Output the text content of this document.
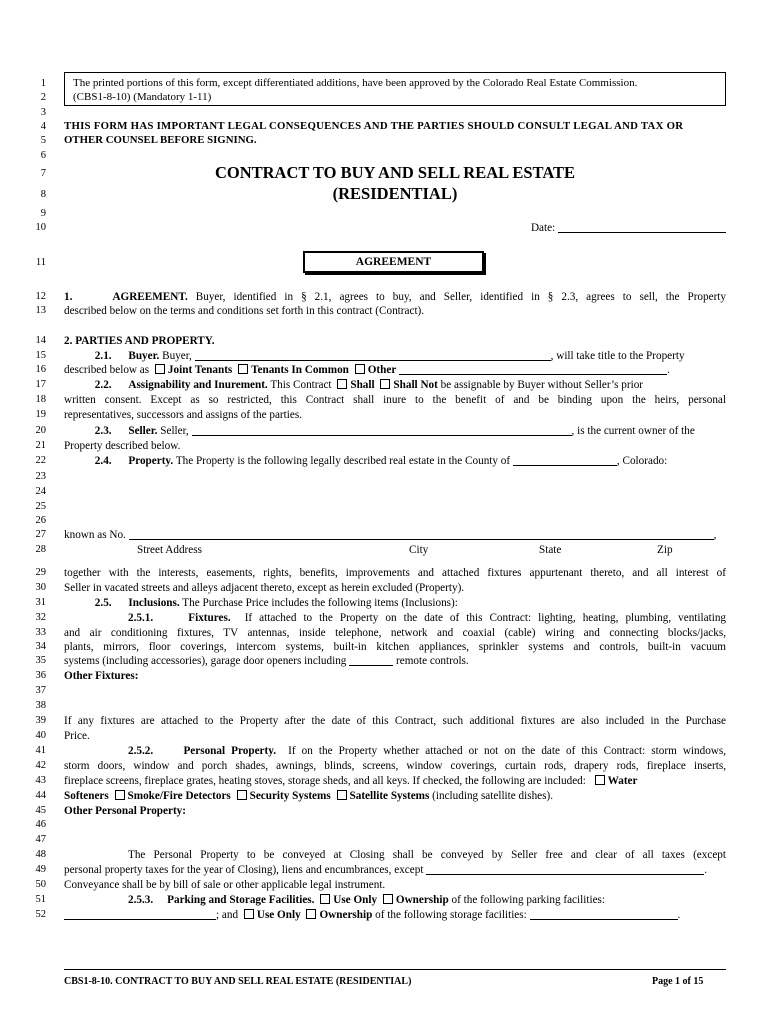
1
2
3
4
5
6
7
8
9
10
11
12
13
14
15
16
17
18
19
20
21
22
23
24
25
26
27
28
29
30
31
32
33
34
35
36
37
38
39
40
41
42
43
44
45
46
47
48
49
50
51
52
The printed portions of this form, except differentiated additions, have been approved by the Colorado Real Estate Commission.
(CBS1-8-10) (Mandatory 1-11)
THIS FORM HAS IMPORTANT LEGAL CONSEQUENCES AND THE PARTIES SHOULD CONSULT LEGAL AND TAX OR
OTHER COUNSEL BEFORE SIGNING.
CONTRACT TO BUY AND SELL REAL ESTATE
(RESIDENTIAL)
Date:
AGREEMENT
1.	AGREEMENT. Buyer, identified in § 2.1, agrees to buy, and Seller, identified in § 2.3, agrees to sell, the Property
described below on the terms and conditions set forth in this contract (Contract).
2. PARTIES AND PROPERTY.
2.1. Buyer. Buyer,	, will take title to the Property
described below as Joint Tenants Tenants In Common Other	.
2.2. Assignability and Inurement. This Contract Shall Shall Not be assignable by Buyer without Seller’s prior
written consent. Except as so restricted, this Contract shall inure to the benefit of and be binding upon the heirs, personal
representatives, successors and assigns of the parties.
2.3. Seller. Seller,	, is the current owner of the
Property described below.
2.4. Property. The Property is the following legally described real estate in the County of	, Colorado:
known as No.	,
Street Address	City	State	Zip
together with the interests, easements, rights, benefits, improvements and attached fixtures appurtenant thereto, and all interest of
Seller in vacated streets and alleys adjacent thereto, except as herein excluded (Property).
2.5. Inclusions. The Purchase Price includes the following items (Inclusions):
2.5.1.	Fixtures. If attached to the Property on the date of this Contract: lighting, heating, plumbing, ventilating
and air conditioning fixtures, TV antennas, inside telephone, network and coaxial (cable) wiring and connecting blocks/jacks,
plants, mirrors, floor coverings, intercom systems, built-in kitchen appliances, sprinkler systems and controls, built-in vacuum
systems (including accessories), garage door openers including	remote controls.
Other Fixtures:
If any fixtures are attached to the Property after the date of this Contract, such additional fixtures are also included in the Purchase
Price.
2.5.2.	Personal Property. If on the Property whether attached or not on the date of this Contract: storm windows,
storm doors, window and porch shades, awnings, blinds, screens, window coverings, curtain rods, drapery rods, fireplace inserts,
fireplace screens, fireplace grates, heating stoves, storage sheds, and all keys. If checked, the following are included: Water
Softeners Smoke/Fire Detectors Security Systems Satellite Systems (including satellite dishes).
Other Personal Property:
The Personal Property to be conveyed at Closing shall be conveyed by Seller free and clear of all taxes (except
personal property taxes for the year of Closing), liens and encumbrances, except	.
Conveyance shall be by bill of sale or other applicable legal instrument.
2.5.3. Parking and Storage Facilities. Use Only Ownership of the following parking facilities:
; and Use Only Ownership of the following storage facilities:	.
CBS1-8-10. CONTRACT TO BUY AND SELL REAL ESTATE (RESIDENTIAL)	Page 1 of 15
